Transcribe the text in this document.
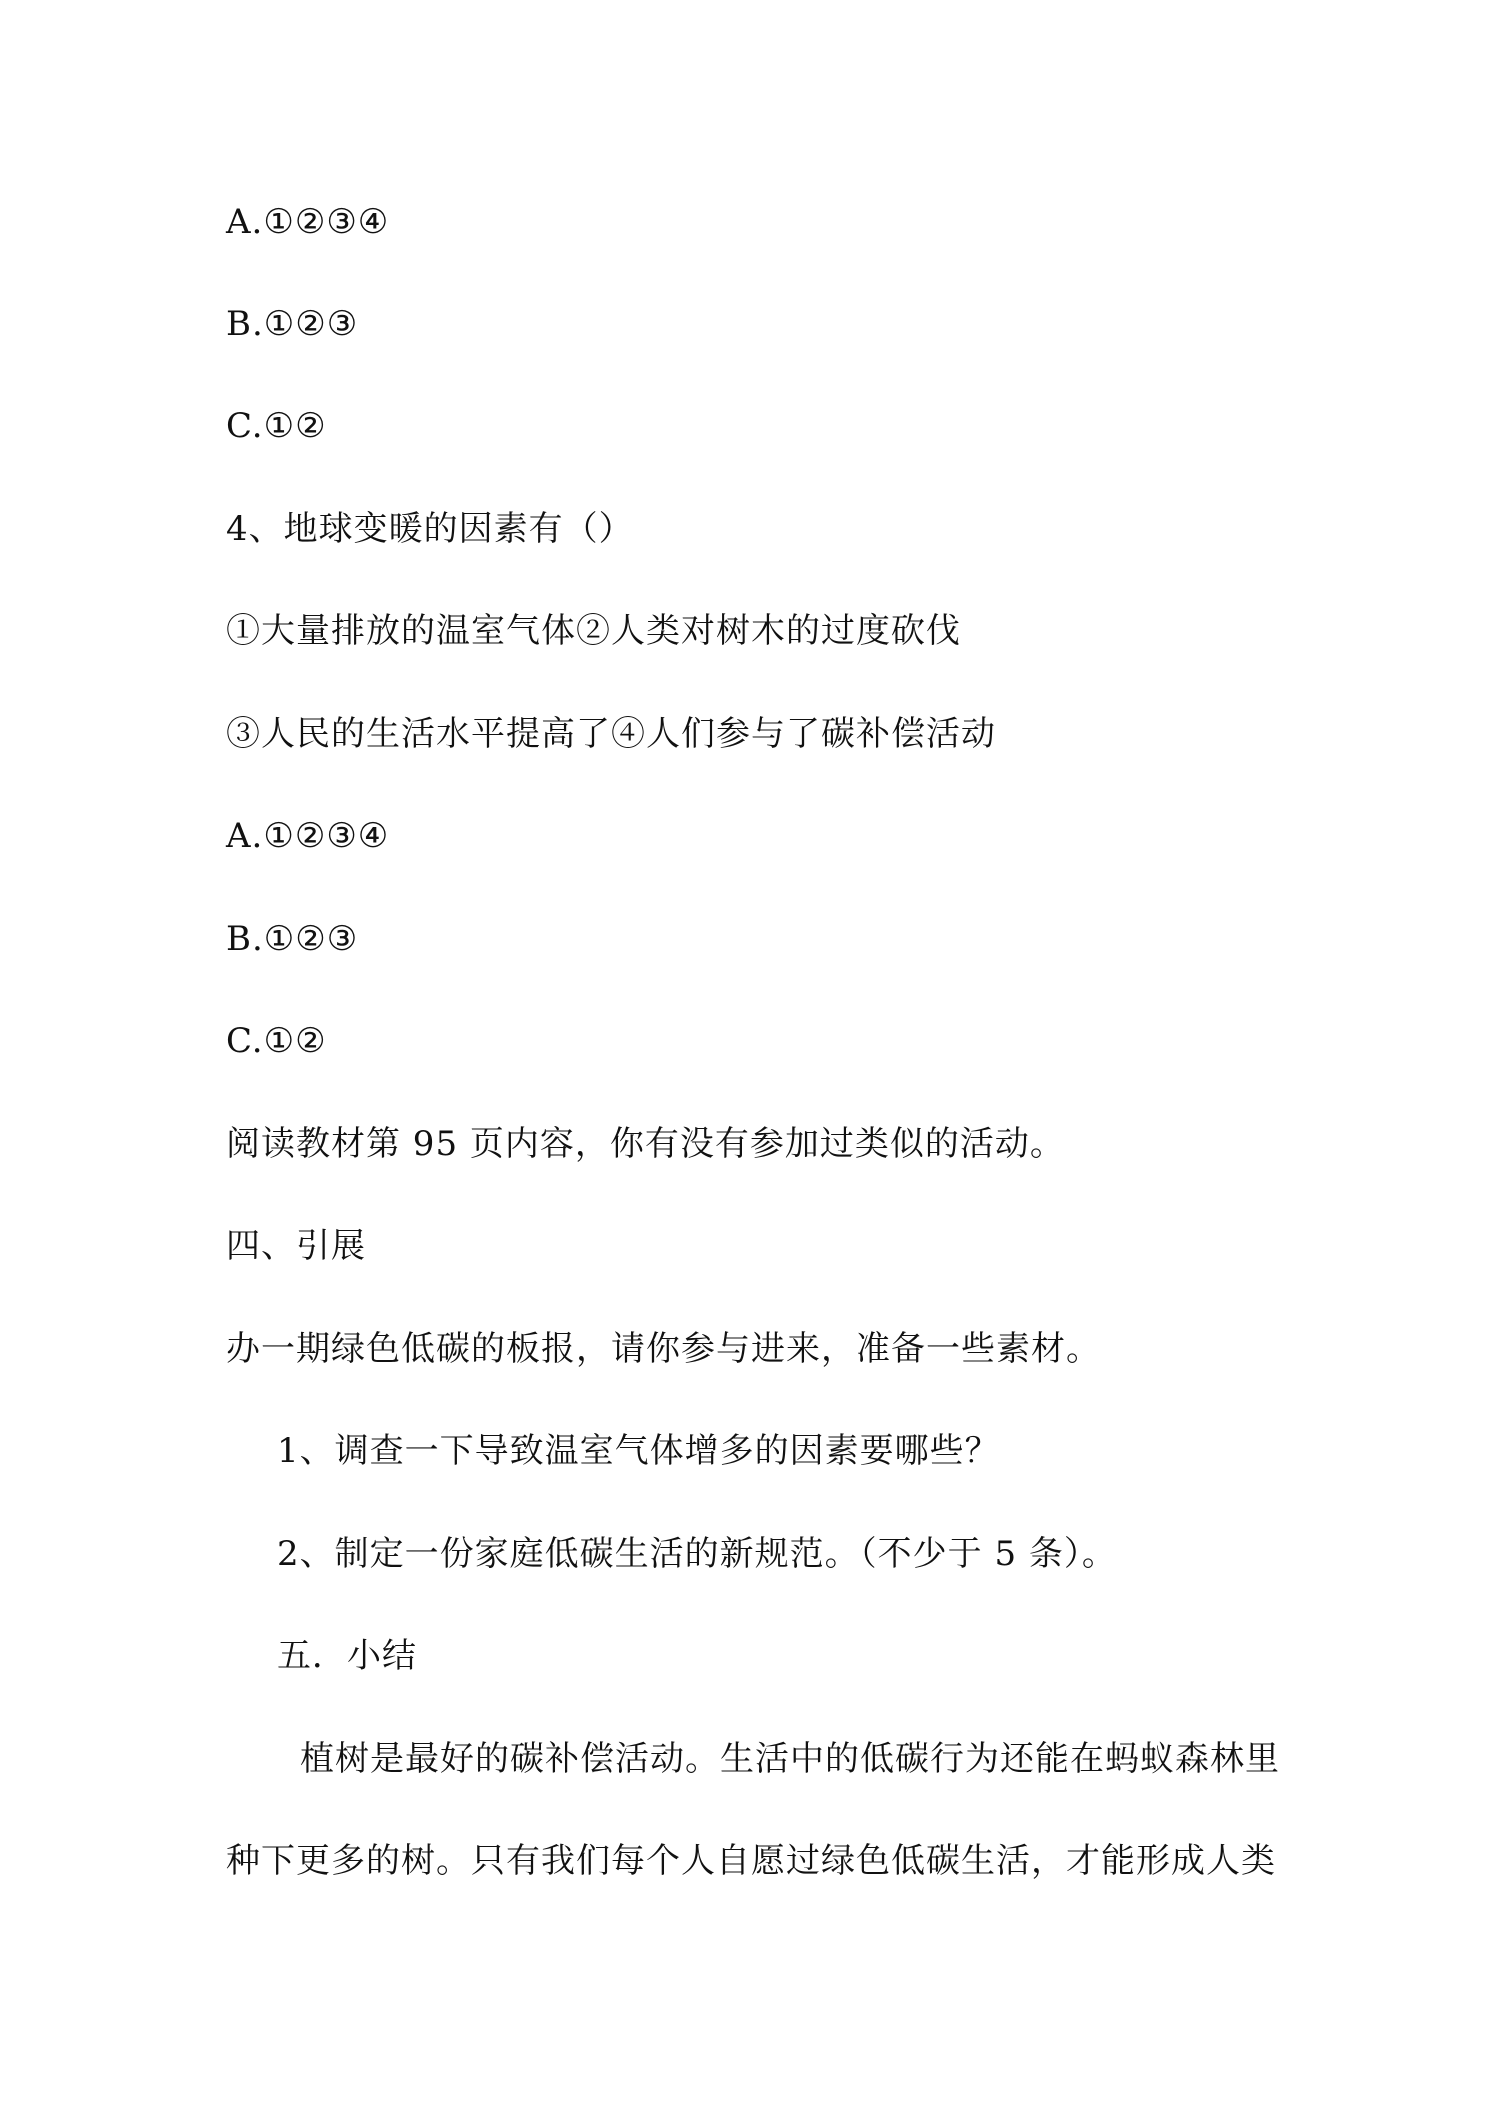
A.①②③④
B.①②③
C.①②
4、地球变暖的因素有（）
①大量排放的温室气体②人类对树木的过度砍伐
③人民的生活水平提高了④人们参与了碳补偿活动
A.①②③④
B.①②③
C.①②
阅读教材第 95 页内容，你有没有参加过类似的活动。
四、引展
办一期绿色低碳的板报，请你参与进来，准备一些素材。
1、调查一下导致温室气体增多的因素要哪些？
2、制定一份家庭低碳生活的新规范。（不少于 5 条）。
五．小结
植树是最好的碳补偿活动。生活中的低碳行为还能在蚂蚁森林里
种下更多的树。只有我们每个人自愿过绿色低碳生活，才能形成人类
